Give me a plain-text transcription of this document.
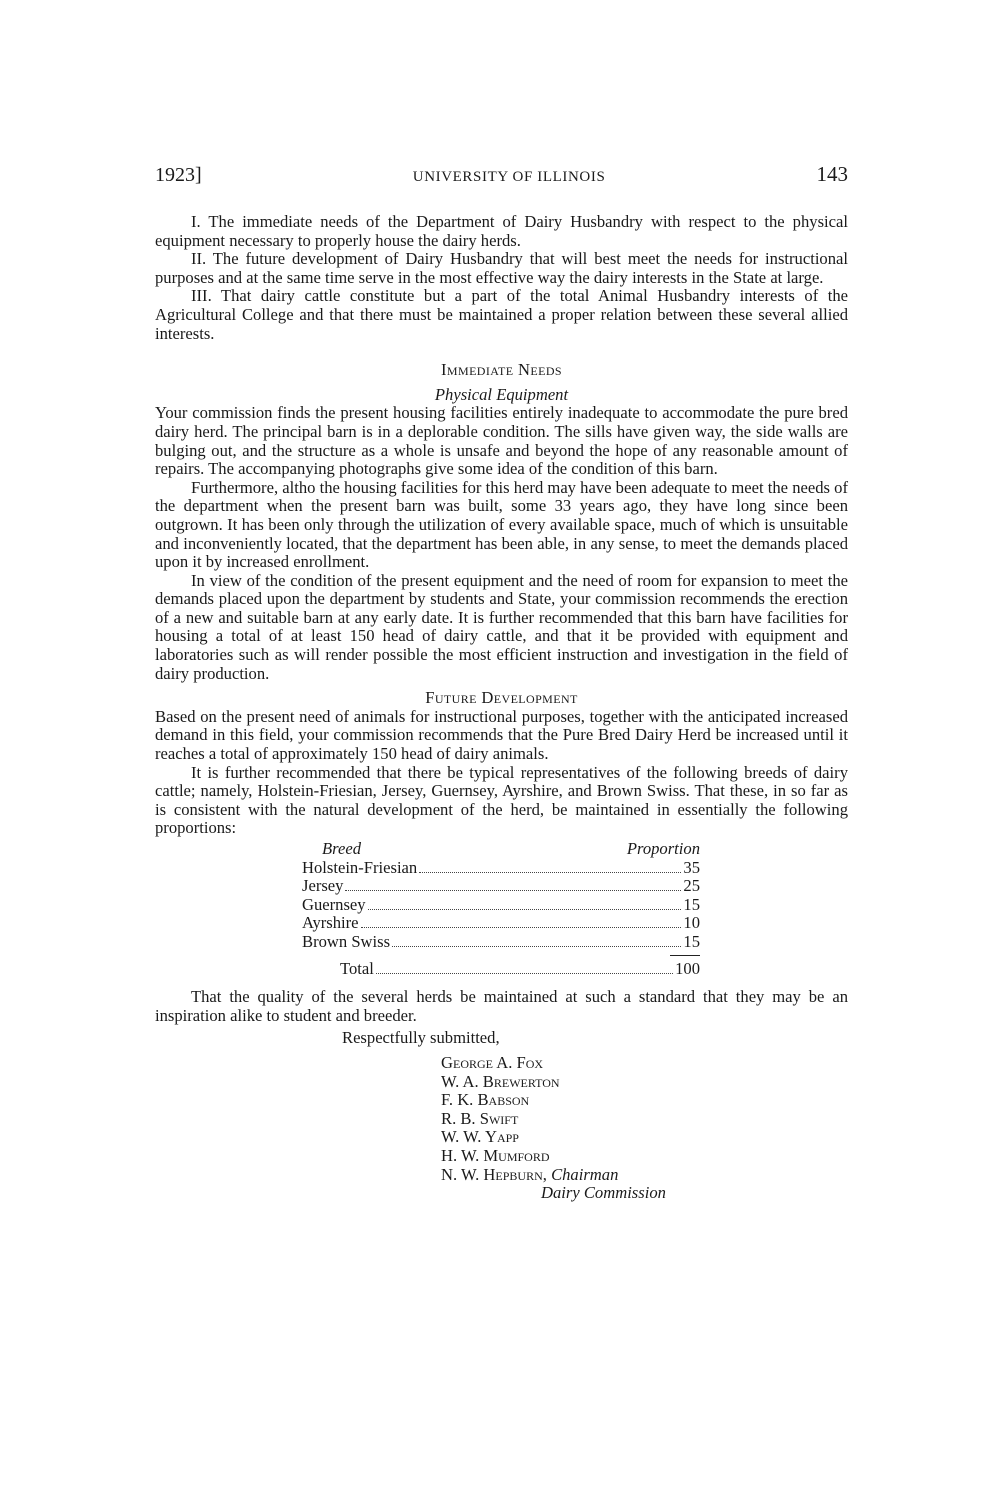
1923]	UNIVERSITY OF ILLINOIS	143

I. The immediate needs of the Department of Dairy Husbandry with respect to the physical equipment necessary to properly house the dairy herds.

II. The future development of Dairy Husbandry that will best meet the needs for instructional purposes and at the same time serve in the most effective way the dairy interests in the State at large.

III. That dairy cattle constitute but a part of the total Animal Husbandry interests of the Agricultural College and that there must be maintained a proper relation between these several allied interests.

Immediate Needs
Physical Equipment

Your commission finds the present housing facilities entirely inadequate to accommodate the pure bred dairy herd. The principal barn is in a deplorable condition. The sills have given way, the side walls are bulging out, and the structure as a whole is unsafe and beyond the hope of any reasonable amount of repairs. The accompanying photographs give some idea of the condition of this barn.

Furthermore, altho the housing facilities for this herd may have been adequate to meet the needs of the department when the present barn was built, some 33 years ago, they have long since been outgrown. It has been only through the utilization of every available space, much of which is unsuitable and inconveniently located, that the department has been able, in any sense, to meet the demands placed upon it by increased enrollment.

In view of the condition of the present equipment and the need of room for expansion to meet the demands placed upon the department by students and State, your commission recommends the erection of a new and suitable barn at any early date. It is further recommended that this barn have facilities for housing a total of at least 150 head of dairy cattle, and that it be provided with equipment and laboratories such as will render possible the most efficient instruction and investigation in the field of dairy production.

Future Development

Based on the present need of animals for instructional purposes, together with the anticipated increased demand in this field, your commission recommends that the Pure Bred Dairy Herd be increased until it reaches a total of approximately 150 head of dairy animals.

It is further recommended that there be typical representatives of the following breeds of dairy cattle; namely, Holstein-Friesian, Jersey, Guernsey, Ayrshire, and Brown Swiss. That these, in so far as is consistent with the natural development of the herd, be maintained in essentially the following proportions:

Breed	Proportion

Holstein-Friesian	35

Jersey	25

Guernsey	15

Ayrshire	10

Brown Swiss	15

Total	100

That the quality of the several herds be maintained at such a standard that they may be an inspiration alike to student and breeder.

Respectfully submitted,
George A. Fox
W. A. Brewerton
F. K. Babson
R. B. Swift
W. W. Yapp
H. W. Mumford
N. W. Hepburn, Chairman
Dairy Commission
